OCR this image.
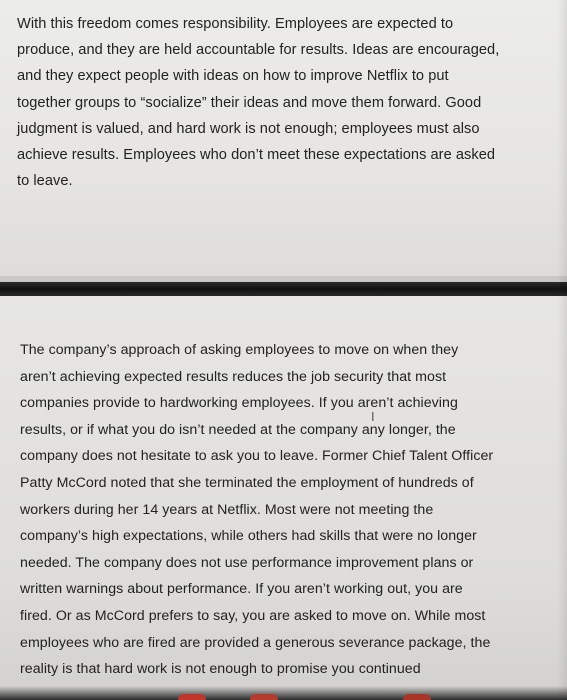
With this freedom comes responsibility. Employees are expected to
produce, and they are held accountable for results. Ideas are encouraged,
and they expect people with ideas on how to improve Netflix to put
together groups to “socialize” their ideas and move them forward. Good
judgment is valued, and hard work is not enough; employees must also
achieve results. Employees who don’t meet these expectations are asked
to leave.

The company’s approach of asking employees to move on when they
aren’t achieving expected results reduces the job security that most
companies provide to hardworking employees. If you aren’t achieving
results, or if what you do isn’t needed at the company any longer, the
company does not hesitate to ask you to leave. Former Chief Talent Officer
Patty McCord noted that she terminated the employment of hundreds of
workers during her 14 years at Netflix. Most were not meeting the
company’s high expectations, while others had skills that were no longer
needed. The company does not use performance improvement plans or
written warnings about performance. If you aren’t working out, you are
fired. Or as McCord prefers to say, you are asked to move on. While most
employees who are fired are provided a generous severance package, the
reality is that hard work is not enough to promise you continued

I
